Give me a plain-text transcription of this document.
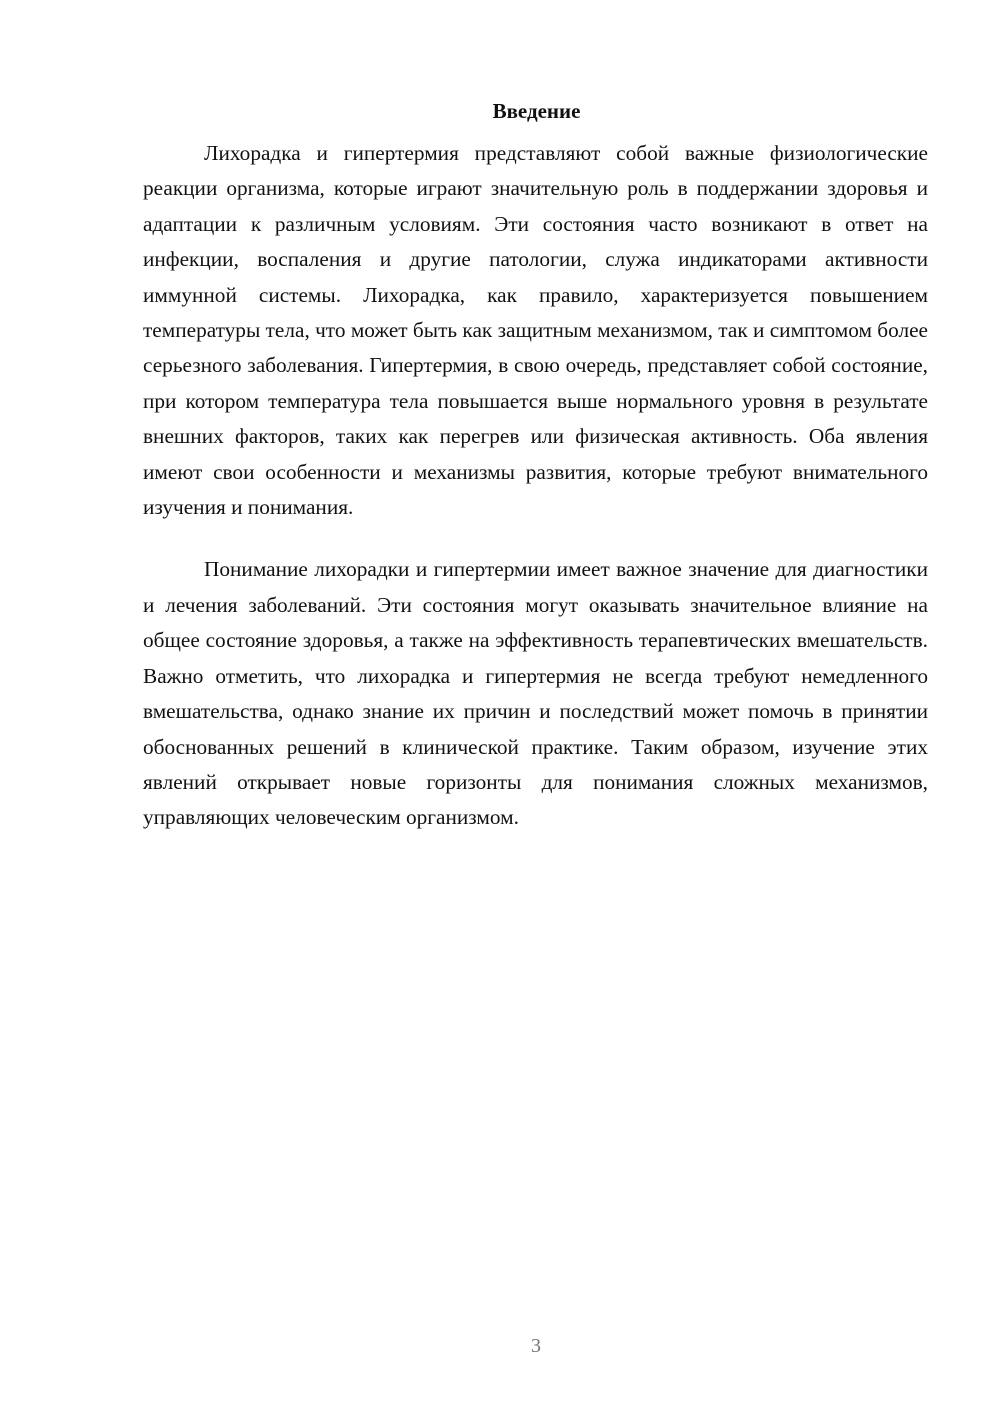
Введение

Лихорадка и гипертермия представляют собой важные физиологические реакции организма, которые играют значительную роль в поддержании здоровья и адаптации к различным условиям. Эти состояния часто возникают в ответ на инфекции, воспаления и другие патологии, служа индикаторами активности иммунной системы. Лихорадка, как правило, характеризуется повышением температуры тела, что может быть как защитным механизмом, так и симптомом более серьезного заболевания. Гипертермия, в свою очередь, представляет собой состояние, при котором температура тела повышается выше нормального уровня в результате внешних факторов, таких как перегрев или физическая активность. Оба явления имеют свои особенности и механизмы развития, которые требуют внимательного изучения и понимания.

Понимание лихорадки и гипертермии имеет важное значение для диагностики и лечения заболеваний. Эти состояния могут оказывать значительное влияние на общее состояние здоровья, а также на эффективность терапевтических вмешательств. Важно отметить, что лихорадка и гипертермия не всегда требуют немедленного вмешательства, однако знание их причин и последствий может помочь в принятии обоснованных решений в клинической практике. Таким образом, изучение этих явлений открывает новые горизонты для понимания сложных механизмов, управляющих человеческим организмом.

3
